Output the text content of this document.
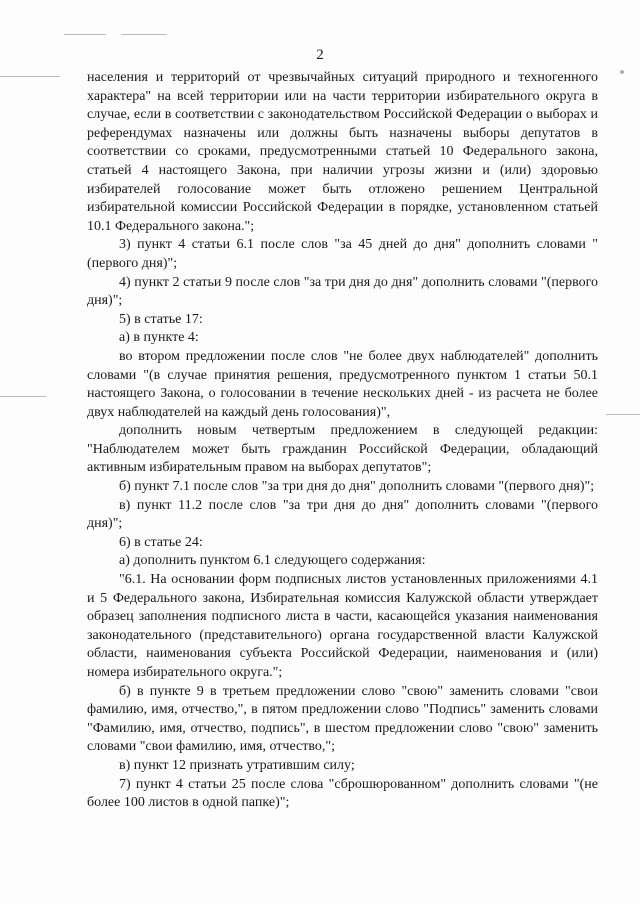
2

населения и территорий от чрезвычайных ситуаций природного и техногенного характера" на всей территории или на части территории избирательного округа в случае, если в соответствии с законодательством Российской Федерации о выборах и референдумах назначены или должны быть назначены выборы депутатов в соответствии со сроками, предусмотренными статьей 10 Федерального закона, статьей 4 настоящего Закона, при наличии угрозы жизни и (или) здоровью избирателей голосование может быть отложено решением Центральной избирательной комиссии Российской Федерации в порядке, установленном статьей 10.1 Федерального закона.";

3) пункт 4 статьи 6.1 после слов "за 45 дней до дня" дополнить словами "(первого дня)";

4) пункт 2 статьи 9 после слов "за три дня до дня" дополнить словами "(первого дня)";

5) в статье 17:

а) в пункте 4:

во втором предложении после слов "не более двух наблюдателей" дополнить словами "(в случае принятия решения, предусмотренного пунктом 1 статьи 50.1 настоящего Закона, о голосовании в течение нескольких дней - из расчета не более двух наблюдателей на каждый день голосования)",

дополнить новым четвертым предложением в следующей редакции: "Наблюдателем может быть гражданин Российской Федерации, обладающий активным избирательным правом на выборах депутатов";

б) пункт 7.1 после слов "за три дня до дня" дополнить словами "(первого дня)";

в) пункт 11.2 после слов "за три дня до дня" дополнить словами "(первого дня)";

6) в статье 24:

а) дополнить пунктом 6.1 следующего содержания:

"6.1. На основании форм подписных листов установленных приложениями 4.1 и 5 Федерального закона, Избирательная комиссия Калужской области утверждает образец заполнения подписного листа в части, касающейся указания наименования законодательного (представительного) органа государственной власти Калужской области, наименования субъекта Российской Федерации, наименования и (или) номера избирательного округа.";

б) в пункте 9 в третьем предложении слово "свою" заменить словами "свои фамилию, имя, отчество,", в пятом предложении слово "Подпись" заменить словами "Фамилию, имя, отчество, подпись", в шестом предложении слово "свою" заменить словами "свои фамилию, имя, отчество,";

в) пункт 12 признать утратившим силу;

7) пункт 4 статьи 25 после слова "сброшюрованном" дополнить словами "(не более 100 листов в одной папке)";
